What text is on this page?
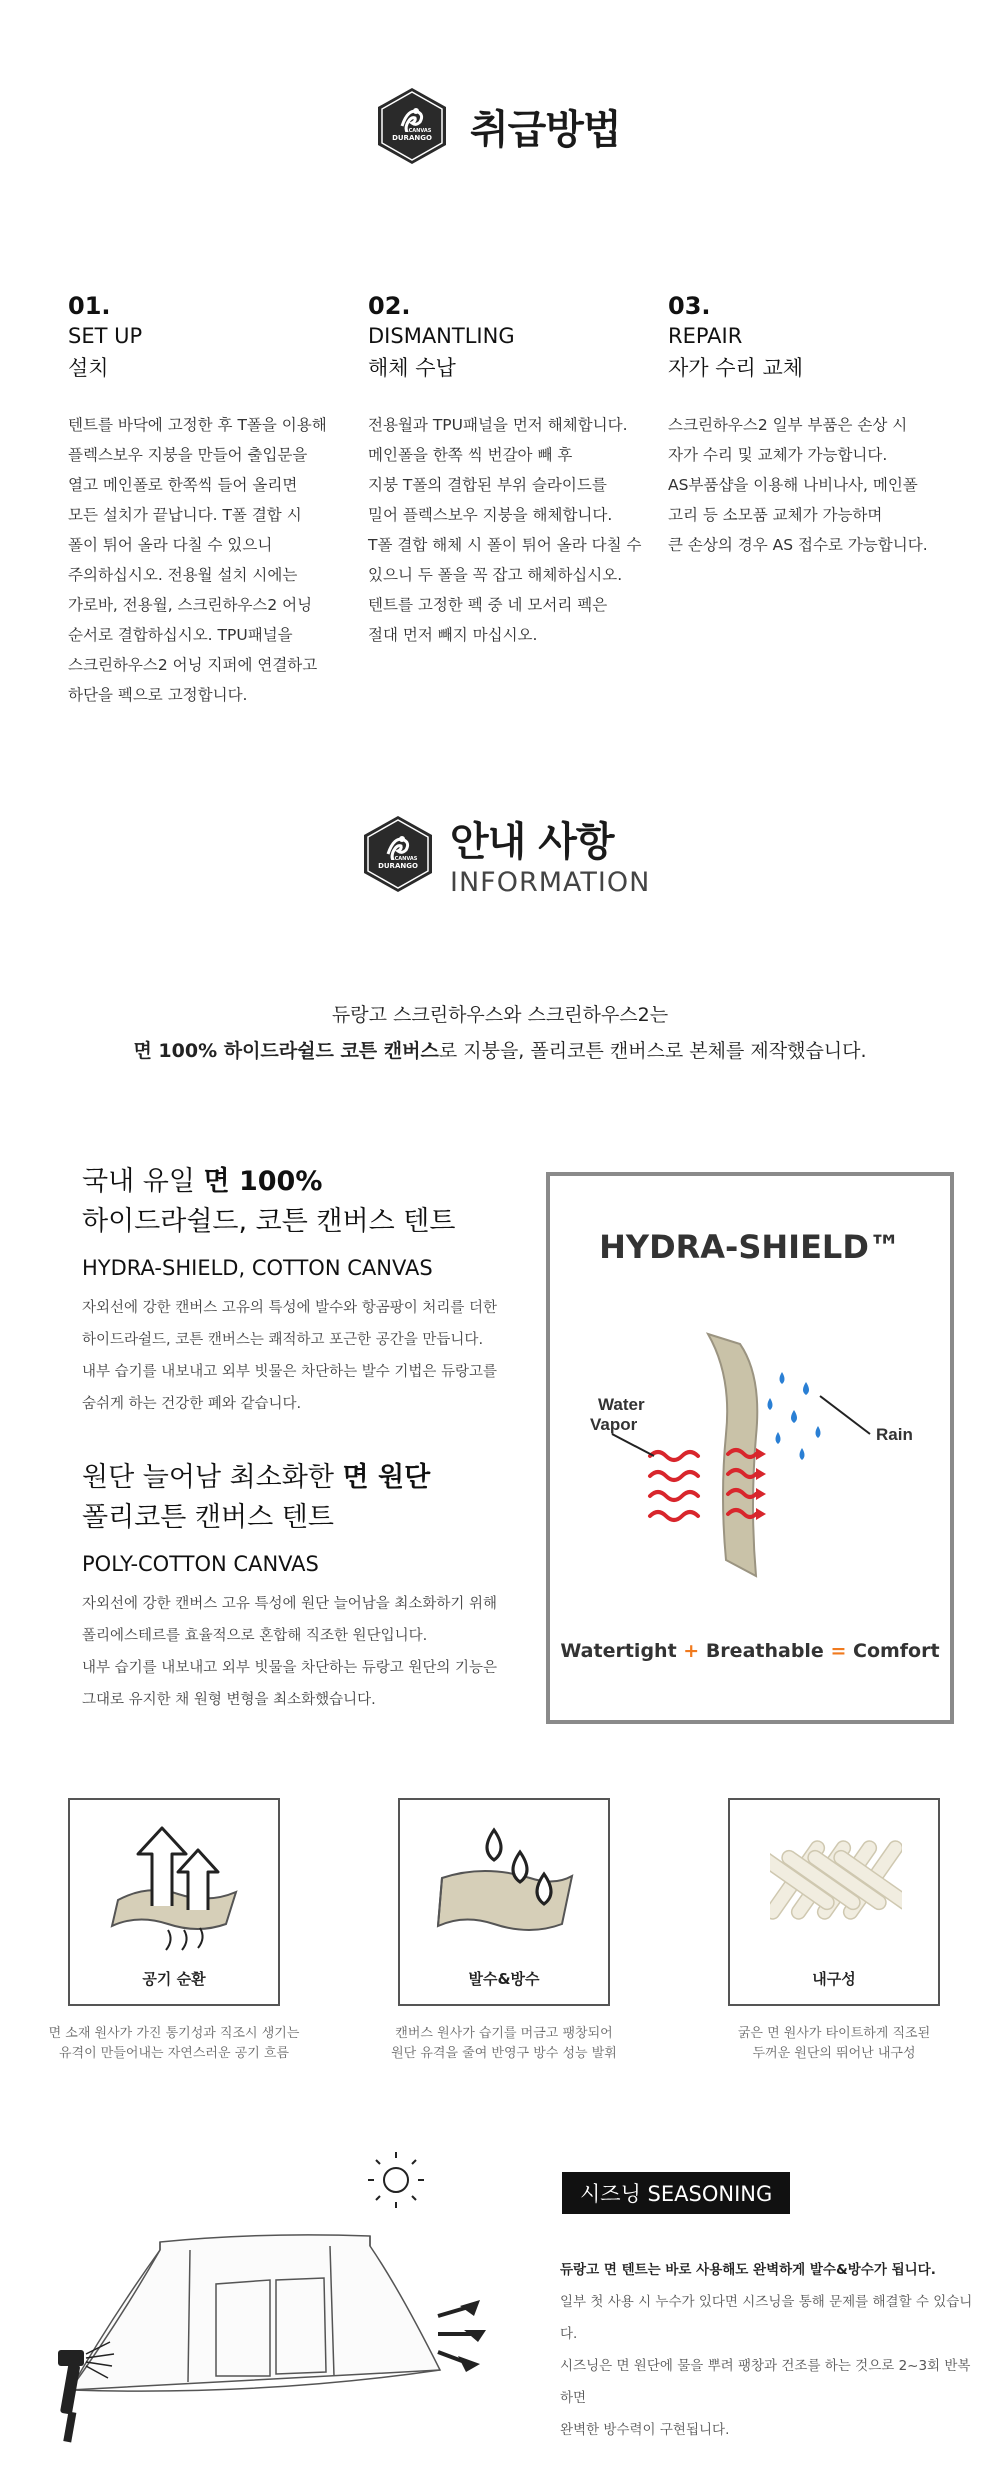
DURANGO
CANVAS 취급방법
01.
SET UP
설치
텐트를 바닥에 고정한 후 T폴을 이용해
플렉스보우 지붕을 만들어 출입문을
열고 메인폴로 한쪽씩 들어 올리면
모든 설치가 끝납니다. T폴 결합 시
폴이 튀어 올라 다칠 수 있으니
주의하십시오. 전용월 설치 시에는
가로바, 전용월, 스크린하우스2 어닝
순서로 결합하십시오. TPU패널을
스크린하우스2 어닝 지퍼에 연결하고
하단을 펙으로 고정합니다.
02.
DISMANTLING
해체 수납
전용월과 TPU패널을 먼저 해체합니다.
메인폴을 한쪽 씩 번갈아 빼 후
지붕 T폴의 결합된 부위 슬라이드를
밀어 플렉스보우 지붕을 해체합니다.
T폴 결합 해체 시 폴이 튀어 올라 다칠 수
있으니 두 폴을 꼭 잡고 해체하십시오.
텐트를 고정한 펙 중 네 모서리 펙은
절대 먼저 빼지 마십시오.
03.
REPAIR
자가 수리 교체
스크린하우스2 일부 부품은 손상 시
자가 수리 및 교체가 가능합니다.
AS부품샵을 이용해 나비나사, 메인폴
고리 등 소모품 교체가 가능하며
큰 손상의 경우 AS 접수로 가능합니다.
DURANGO
CANVAS 안내 사항
INFORMATION
듀랑고 스크린하우스와 스크린하우스2는
면 100% 하이드라쉴드 코튼 캔버스로 지붕을, 폴리코튼 캔버스로 본체를 제작했습니다.
국내 유일 면 100%
하이드라쉴드, 코튼 캔버스 텐트
HYDRA-SHIELD, COTTON CANVAS
자외선에 강한 캔버스 고유의 특성에 발수와 항곰팡이 처리를 더한
하이드라쉴드, 코튼 캔버스는 쾌적하고 포근한 공간을 만듭니다.
내부 습기를 내보내고 외부 빗물은 차단하는 발수 기법은 듀랑고를
숨쉬게 하는 건강한 폐와 같습니다.
원단 늘어남 최소화한 면 원단
폴리코튼 캔버스 텐트
POLY-COTTON CANVAS
자외선에 강한 캔버스 고유 특성에 원단 늘어남을 최소화하기 위해
폴리에스테르를 효율적으로 혼합해 직조한 원단입니다.
내부 습기를 내보내고 외부 빗물을 차단하는 듀랑고 원단의 기능은
그대로 유지한 채 원형 변형을 최소화했습니다.
HYDRA-SHIELD™
Water
Vapor
Rain
Watertight + Breathable = Comfort
공기 순환
면 소재 원사가 가진 통기성과 직조시 생기는
유격이 만들어내는 자연스러운 공기 흐름
발수&방수
캔버스 원사가 습기를 머금고 팽창되어
원단 유격을 줄여 반영구 방수 성능 발휘
내구성
굵은 면 원사가 타이트하게 직조된
두꺼운 원단의 뛰어난 내구성
시즈닝 SEASONING
듀랑고 면 텐트는 바로 사용해도 완벽하게 발수&방수가 됩니다.
일부 첫 사용 시 누수가 있다면 시즈닝을 통해 문제를 해결할 수 있습니다.
시즈닝은 면 원단에 물을 뿌려 팽창과 건조를 하는 것으로 2~3회 반복하면
완벽한 방수력이 구현됩니다.
